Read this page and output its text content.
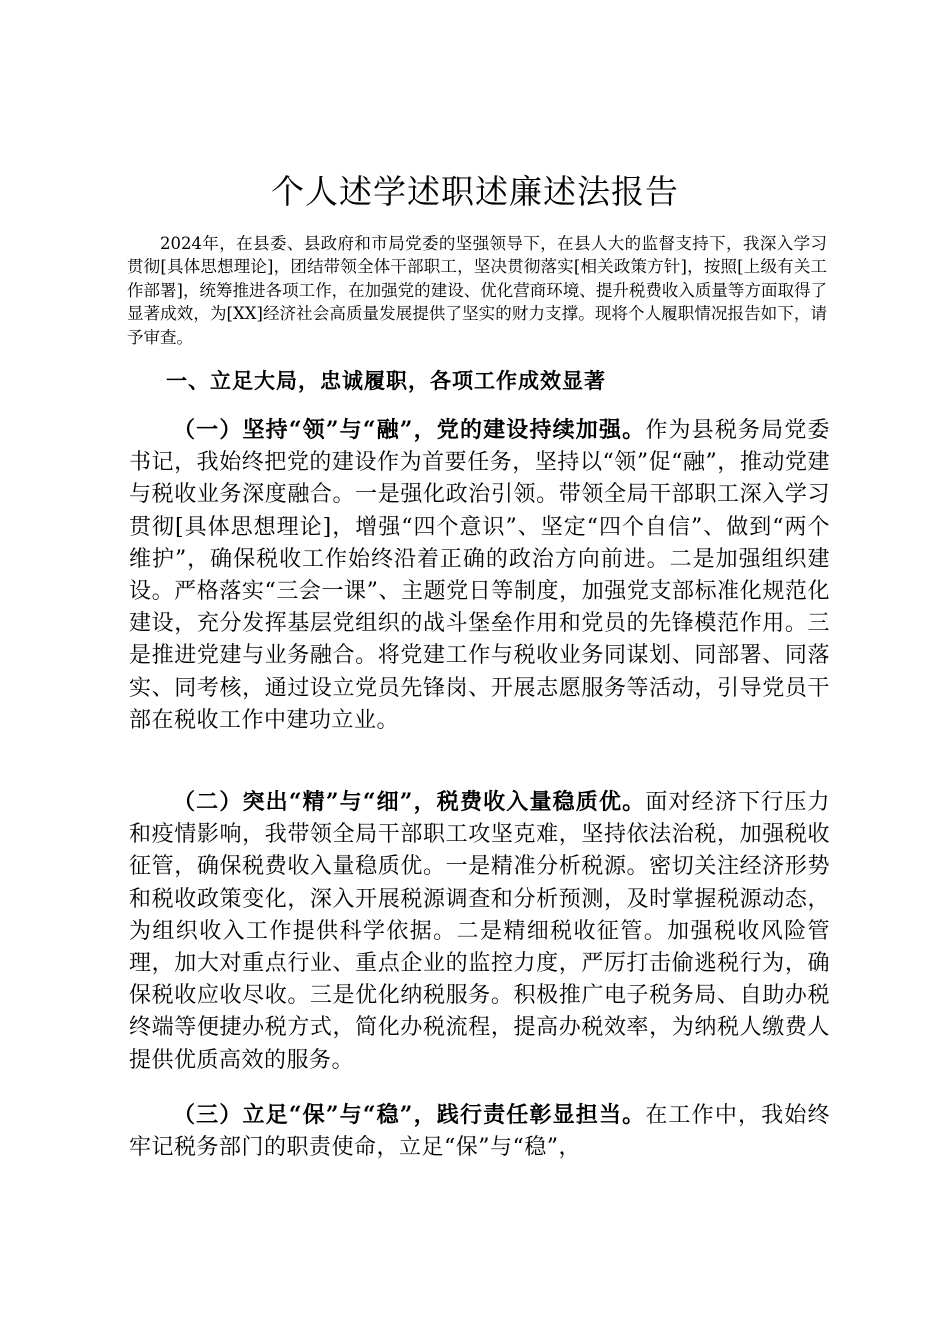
个人述学述职述廉述法报告
2024年，在县委、县政府和市局党委的坚强领导下，在县人大的监督支持下，我深入学习贯彻[具体思想理论]，团结带领全体干部职工，坚决贯彻落实[相关政策方针]，按照[上级有关工作部署]，统筹推进各项工作，在加强党的建设、优化营商环境、提升税费收入质量等方面取得了显著成效，为[XX]经济社会高质量发展提供了坚实的财力支撑。现将个人履职情况报告如下，请予审查。
一、立足大局，忠诚履职，各项工作成效显著

（一）坚持“领”与“融”，党的建设持续加强。作为县税务局党委书记，我始终把党的建设作为首要任务，坚持以“领”促“融”，推动党建与税收业务深度融合。一是强化政治引领。带领全局干部职工深入学习贯彻[具体思想理论]，增强“四个意识”、坚定“四个自信”、做到“两个维护”，确保税收工作始终沿着正确的政治方向前进。二是加强组织建设。严格落实“三会一课”、主题党日等制度，加强党支部标准化规范化建设，充分发挥基层党组织的战斗堡垒作用和党员的先锋模范作用。三是推进党建与业务融合。将党建工作与税收业务同谋划、同部署、同落实、同考核，通过设立党员先锋岗、开展志愿服务等活动，引导党员干部在税收工作中建功立业。

（二）突出“精”与“细”，税费收入量稳质优。面对经济下行压力和疫情影响，我带领全局干部职工攻坚克难，坚持依法治税，加强税收征管，确保税费收入量稳质优。一是精准分析税源。密切关注经济形势和税收政策变化，深入开展税源调查和分析预测，及时掌握税源动态，为组织收入工作提供科学依据。二是精细税收征管。加强税收风险管理，加大对重点行业、重点企业的监控力度，严厉打击偷逃税行为，确保税收应收尽收。三是优化纳税服务。积极推广电子税务局、自助办税终端等便捷办税方式，简化办税流程，提高办税效率，为纳税人缴费人提供优质高效的服务。

（三）立足“保”与“稳”，践行责任彰显担当。在工作中，我始终牢记税务部门的职责使命，立足“保”与“稳”，
